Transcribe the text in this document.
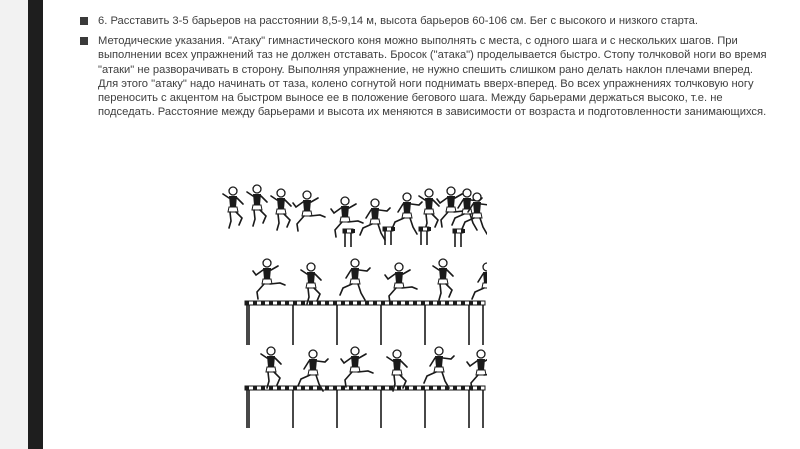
6. Расставить 3-5 барьеров на расстоянии 8,5-9,14 м, высота барьеров 60-106 см. Бег с высокого и низкого старта.
Методические указания. "Атаку" гимнастического коня можно выполнять с места, с одного шага и с нескольких шагов. При выполнении всех упражнений таз не должен отставать. Бросок ("атака") проделывается быстро. Стопу толчковой ноги во время "атаки" не разворачивать в сторону. Выполняя упражнение, не нужно спешить слишком рано делать наклон плечами вперед. Для этого "атаку" надо начинать от таза, колено согнутой ноги поднимать вверх-вперед. Во всех упражнениях толчковую ногу переносить с акцентом на быстром выносе ее в положение бегового шага. Между барьерами держаться высоко, т.е. не подседать. Расстояние между барьерами и высота их меняются в зависимости от возраста и подготовленности занимающихся.
